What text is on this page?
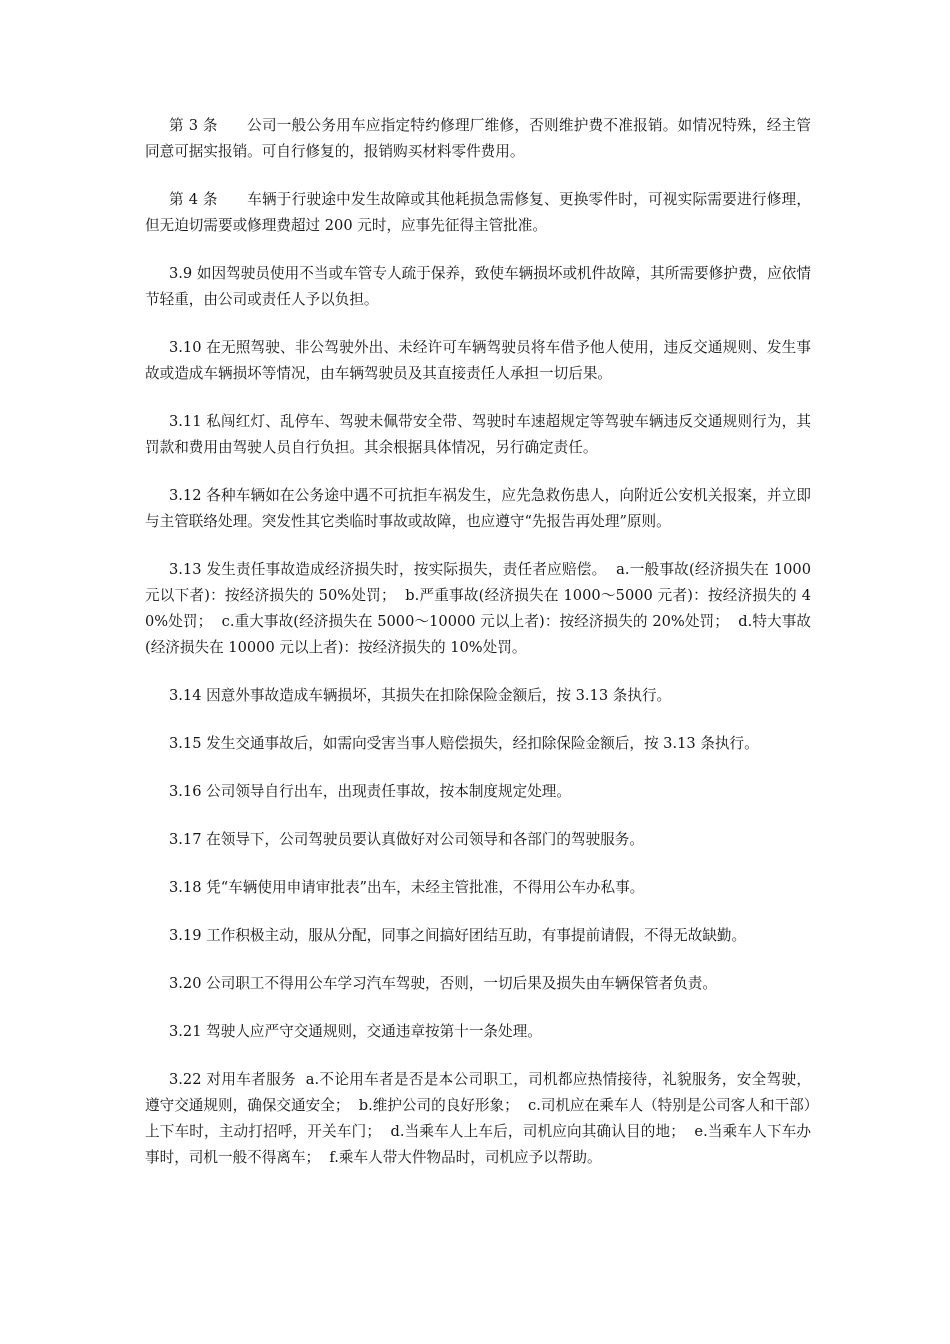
第 3 条      公司一般公务用车应指定特约修理厂维修，否则维护费不准报销。如情况特殊，经主管同意可据实报销。可自行修复的，报销购买材料零件费用。

第 4 条      车辆于行驶途中发生故障或其他耗损急需修复、更换零件时，可视实际需要进行修理，但无迫切需要或修理费超过 200 元时，应事先征得主管批准。

3.9 如因驾驶员使用不当或车管专人疏于保养，致使车辆损坏或机件故障，其所需要修护费，应依情节轻重，由公司或责任人予以负担。

3.10 在无照驾驶、非公驾驶外出、未经许可车辆驾驶员将车借予他人使用，违反交通规则、发生事故或造成车辆损坏等情况，由车辆驾驶员及其直接责任人承担一切后果。

3.11 私闯红灯、乱停车、驾驶未佩带安全带、驾驶时车速超规定等驾驶车辆违反交通规则行为，其罚款和费用由驾驶人员自行负担。其余根据具体情况，另行确定责任。

3.12 各种车辆如在公务途中遇不可抗拒车祸发生，应先急救伤患人，向附近公安机关报案，并立即与主管联络处理。突发性其它类临时事故或故障，也应遵守“先报告再处理”原则。

3.13 发生责任事故造成经济损失时，按实际损失，责任者应赔偿。  a.一般事故(经济损失在 1000 元以下者)：按经济损失的 50%处罚；  b.严重事故(经济损失在 1000～5000 元者)：按经济损失的 40%处罚；  c.重大事故(经济损失在 5000～10000 元以上者)：按经济损失的 20%处罚；  d.特大事故(经济损失在 10000 元以上者)：按经济损失的 10%处罚。

3.14 因意外事故造成车辆损坏，其损失在扣除保险金额后，按 3.13 条执行。

3.15 发生交通事故后，如需向受害当事人赔偿损失，经扣除保险金额后，按 3.13 条执行。

3.16 公司领导自行出车，出现责任事故，按本制度规定处理。

3.17 在领导下，公司驾驶员要认真做好对公司领导和各部门的驾驶服务。

3.18 凭“车辆使用申请审批表”出车，未经主管批准，不得用公车办私事。

3.19 工作积极主动，服从分配，同事之间搞好团结互助，有事提前请假，不得无故缺勤。

3.20 公司职工不得用公车学习汽车驾驶，否则，一切后果及损失由车辆保管者负责。

3.21 驾驶人应严守交通规则，交通违章按第十一条处理。

3.22 对用车者服务  a.不论用车者是否是本公司职工，司机都应热情接待，礼貌服务，安全驾驶，遵守交通规则，确保交通安全；  b.维护公司的良好形象；  c.司机应在乘车人（特别是公司客人和干部）上下车时，主动打招呼，开关车门；  d.当乘车人上车后，司机应向其确认目的地；  e.当乘车人下车办事时，司机一般不得离车；  f.乘车人带大件物品时，司机应予以帮助。
